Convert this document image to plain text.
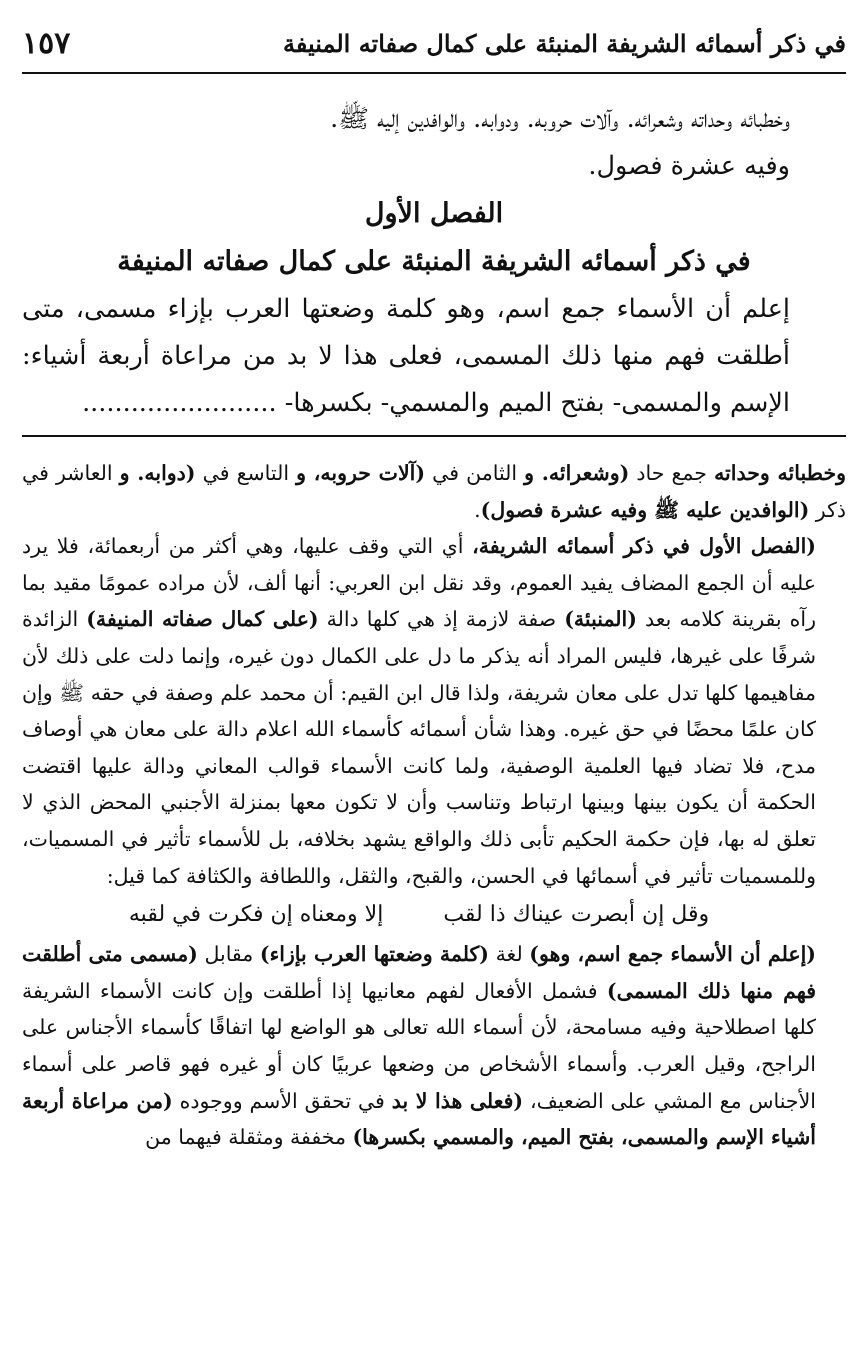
في ذكر أسمائه الشريفة المنبئة على كمال صفاته المنيفة
١٥٧

وخطبائه وحداته وشعرائه. وآلات حروبه. ودوابه. والوافدين إليه ﷺ.

وفيه عشرة فصول.

الفصل الأول
في ذكر أسمائه الشريفة المنبئة على كمال صفاته المنيفة

إعلم أن الأسماء جمع اسم، وهو كلمة وضعتها العرب بإزاء مسمى، متى أطلقت فهم منها ذلك المسمى، فعلى هذا لا بد من مراعاة أربعة أشياء: الإسم والمسمى- بفتح الميم والمسمي- بكسرها- ........................

وخطبائه وحداته جمع حاد (وشعرائه. و الثامن في (آلات حروبه، و التاسع في (دوابه. و العاشر في ذكر (الوافدين عليه ﷺ وفيه عشرة فصول).

(الفصل الأول في ذكر أسمائه الشريفة، أي التي وقف عليها، وهي أكثر من أربعمائة، فلا يرد عليه أن الجمع المضاف يفيد العموم، وقد نقل ابن العربي: أنها ألف، لأن مراده عمومًا مقيد بما رآه بقرينة كلامه بعد (المنبئة) صفة لازمة إذ هي كلها دالة (على كمال صفاته المنيفة) الزائدة شرفًا على غيرها، فليس المراد أنه يذكر ما دل على الكمال دون غيره، وإنما دلت على ذلك لأن مفاهيمها كلها تدل على معان شريفة، ولذا قال ابن القيم: أن محمد علم وصفة في حقه ﷺ وإن كان علمًا محضًا في حق غيره. وهذا شأن أسمائه كأسماء الله اعلام دالة على معان هي أوصاف مدح، فلا تضاد فيها العلمية الوصفية، ولما كانت الأسماء قوالب المعاني ودالة عليها اقتضت الحكمة أن يكون بينها وبينها ارتباط وتناسب وأن لا تكون معها بمنزلة الأجنبي المحض الذي لا تعلق له بها، فإن حكمة الحكيم تأبى ذلك والواقع يشهد بخلافه، بل للأسماء تأثير في المسميات، وللمسميات تأثير في أسمائها في الحسن، والقبح، والثقل، واللطافة والكثافة كما قيل:

وقل إن أبصرت عيناك ذا لقب
إلا ومعناه إن فكرت في لقبه

(إعلم أن الأسماء جمع اسم، وهو) لغة (كلمة وضعتها العرب بإزاء) مقابل (مسمى متى أطلقت فهم منها ذلك المسمى) فشمل الأفعال لفهم معانيها إذا أطلقت وإن كانت الأسماء الشريفة كلها اصطلاحية وفيه مسامحة، لأن أسماء الله تعالى هو الواضع لها اتفاقًا كأسماء الأجناس على الراجح، وقيل العرب. وأسماء الأشخاص من وضعها عربيًا كان أو غيره فهو قاصر على أسماء الأجناس مع المشي على الضعيف، (فعلى هذا لا بد في تحقق الأسم ووجوده (من مراعاة أربعة أشياء الإسم والمسمى، بفتح الميم، والمسمي بكسرها) مخففة ومثقلة فيهما من
